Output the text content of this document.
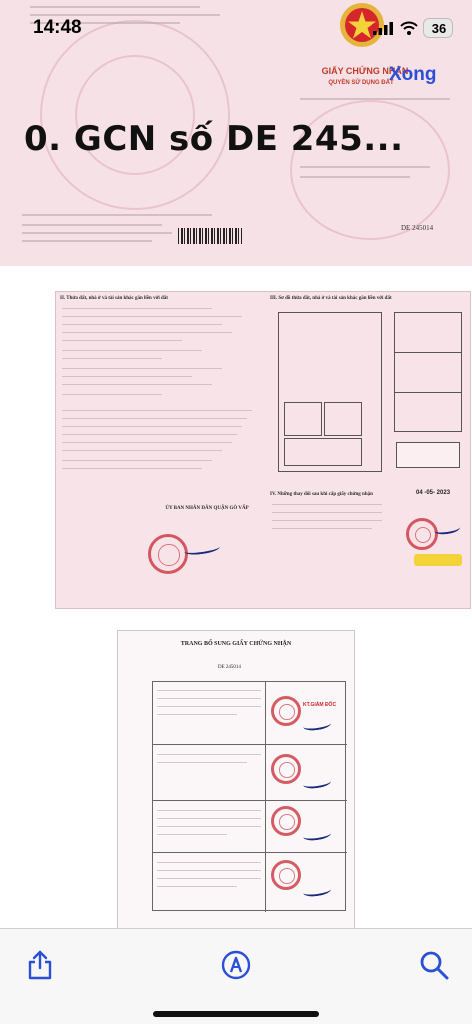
GIẤY CHỨNG NHẬN
QUYỀN SỬ DỤNG ĐẤT
DE 245014
14:48	36
Xong
0. GCN số DE 245...
II. Thửa đất, nhà ở và tài sản khác gắn liền với đất	III. Sơ đồ thửa đất, nhà ở và tài sản khác gắn liền với đất
IV. Những thay đổi sau khi cấp giấy chứng nhận
ỦY BAN NHÂN DÂN QUẬN GÒ VẤP
04 -05- 2023
TRANG BỔ SUNG GIẤY CHỨNG NHẬN
DE 245014
KT.GIÁM ĐỐC
